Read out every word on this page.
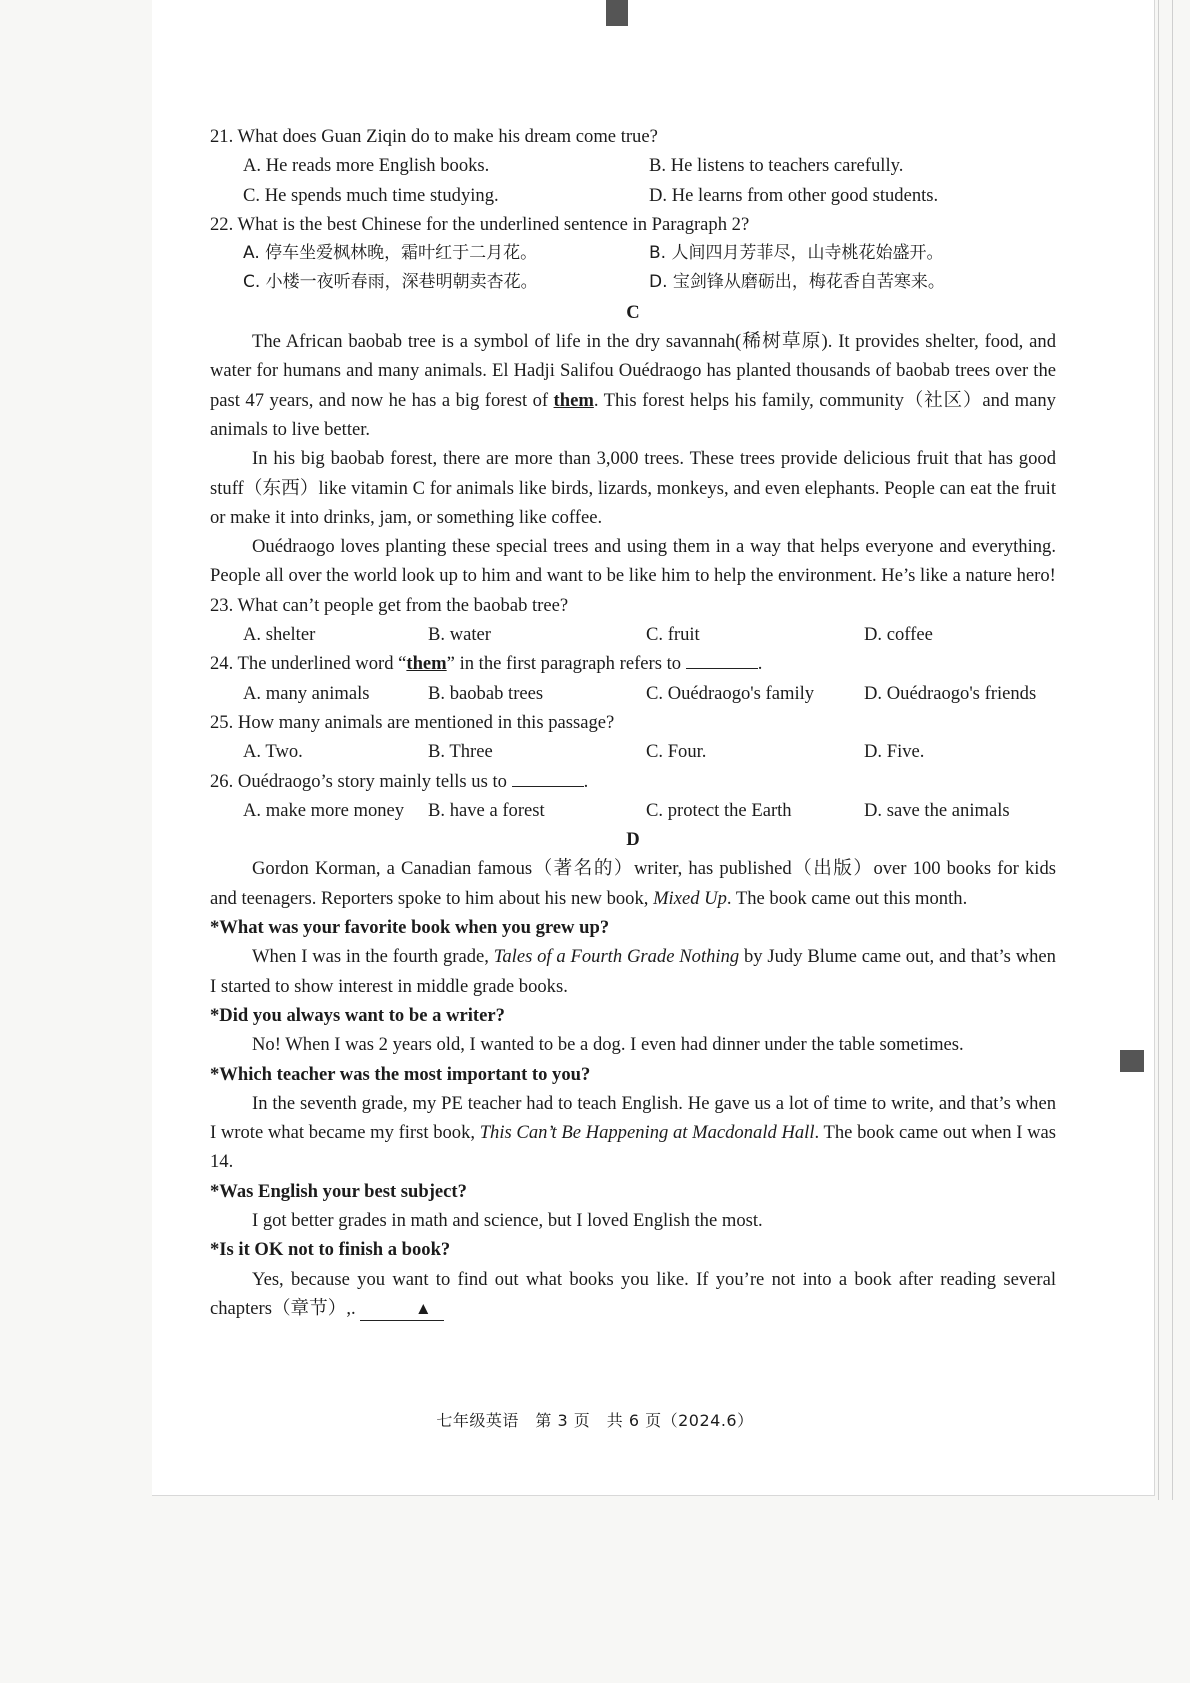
21. What does Guan Ziqin do to make his dream come true?

A. He reads more English books.	B. He listens to teachers carefully.
C. He spends much time studying.	D. He learns from other good students.

22. What is the best Chinese for the underlined sentence in Paragraph 2?

A. 停车坐爱枫林晚，霜叶红于二月花。	B. 人间四月芳菲尽，山寺桃花始盛开。
C. 小楼一夜听春雨，深巷明朝卖杏花。	D. 宝剑锋从磨砺出，梅花香自苦寒来。

C

The African baobab tree is a symbol of life in the dry savannah(稀树草原). It provides shelter, food, and water for humans and many animals. El Hadji Salifou Ouédraogo has planted thousands of baobab trees over the past 47 years, and now he has a big forest of them. This forest helps his family, community（社区）and many animals to live better.

In his big baobab forest, there are more than 3,000 trees. These trees provide delicious fruit that has good stuff（东西）like vitamin C for animals like birds, lizards, monkeys, and even elephants. People can eat the fruit or make it into drinks, jam, or something like coffee.

Ouédraogo loves planting these special trees and using them in a way that helps everyone and everything. People all over the world look up to him and want to be like him to help the environment. He’s like a nature hero!

23. What can’t people get from the baobab tree?

A. shelter	B. water	C. fruit	D. coffee

24. The underlined word “them” in the first paragraph refers to	.

A. many animals	B. baobab trees	C. Ouédraogo's family	D. Ouédraogo's friends

25. How many animals are mentioned in this passage?

A. Two.	B. Three	C. Four.	D. Five.

26. Ouédraogo’s story mainly tells us to	.

A. make more money	B. have a forest	C. protect the Earth	D. save the animals

D

Gordon Korman, a Canadian famous（著名的）writer, has published（出版）over 100 books for kids and teenagers. Reporters spoke to him about his new book, Mixed Up. The book came out this month.

*What was your favorite book when you grew up?

When I was in the fourth grade, Tales of a Fourth Grade Nothing by Judy Blume came out, and that’s when I started to show interest in middle grade books.

*Did you always want to be a writer?

No! When I was 2 years old, I wanted to be a dog. I even had dinner under the table sometimes.

*Which teacher was the most important to you?

In the seventh grade, my PE teacher had to teach English. He gave us a lot of time to write, and that’s when I wrote what became my first book, This Can’t Be Happening at Macdonald Hall. The book came out when I was 14.

*Was English your best subject?

I got better grades in math and science, but I loved English the most.

*Is it OK not to finish a book?

Yes, because you want to find out what books you like. If you’re not into a book after reading several chapters（章节）,.	▲

七年级英语　第 3 页　共 6 页（2024.6）
